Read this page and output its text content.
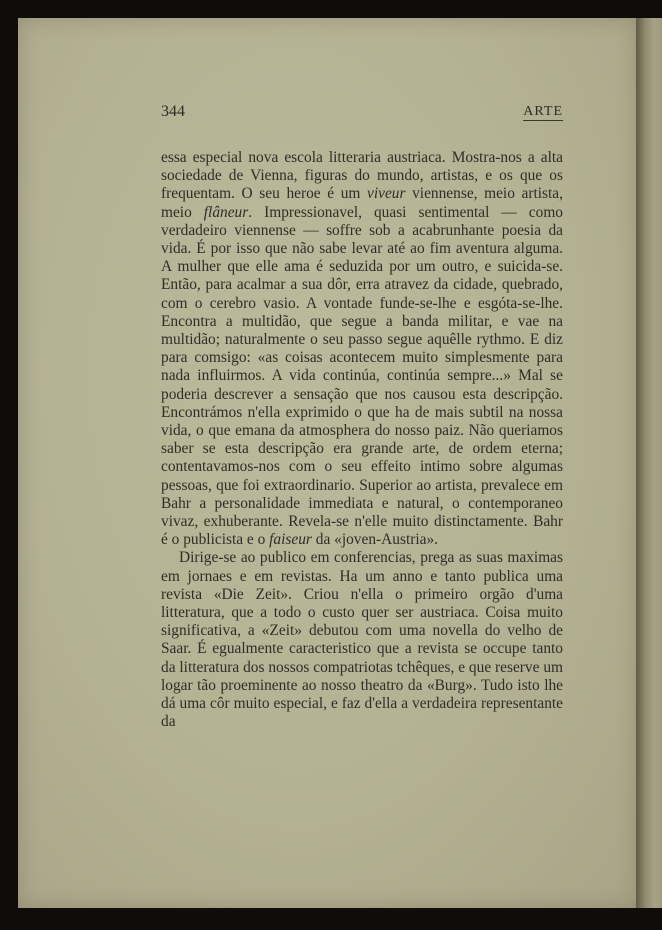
344	ARTE

essa especial nova escola litteraria austriaca. Mostra-nos a alta sociedade de Vienna, figuras do mundo, artistas, e os que os frequentam. O seu heroe é um viveur viennense, meio artista, meio flâneur. Impressionavel, quasi sentimental — como verdadeiro viennense — soffre sob a acabrunhante poesia da vida. É por isso que não sabe levar até ao fim aventura alguma. A mulher que elle ama é seduzida por um outro, e suicida-se. Então, para acalmar a sua dôr, erra atravez da cidade, quebrado, com o cerebro vasio. A vontade funde-se-lhe e esgóta-se-lhe. Encontra a multidão, que segue a banda militar, e vae na multidão; naturalmente o seu passo segue aquêlle rythmo. E diz para comsigo: «as coisas acontecem muito simplesmente para nada influirmos. A vida continúa, continúa sempre...» Mal se poderia descrever a sensação que nos causou esta descripção. Encontrámos n'ella exprimido o que ha de mais subtil na nossa vida, o que emana da atmosphera do nosso paiz. Não queriamos saber se esta descripção era grande arte, de ordem eterna; contentavamos-nos com o seu effeito intimo sobre algumas pessoas, que foi extraordinario. Superior ao artista, prevalece em Bahr a personalidade immediata e natural, o contemporaneo vivaz, exhuberante. Revela-se n'elle muito distinctamente. Bahr é o publicista e o faiseur da «joven-Austria».

Dirige-se ao publico em conferencias, prega as suas maximas em jornaes e em revistas. Ha um anno e tanto publica uma revista «Die Zeit». Criou n'ella o primeiro orgão d'uma litteratura, que a todo o custo quer ser austriaca. Coisa muito significativa, a «Zeit» debutou com uma novella do velho de Saar. É egualmente caracteristico que a revista se occupe tanto da litteratura dos nossos compatriotas tchêques, e que reserve um logar tão proeminente ao nosso theatro da «Burg». Tudo isto lhe dá uma côr muito especial, e faz d'ella a verdadeira representante da
